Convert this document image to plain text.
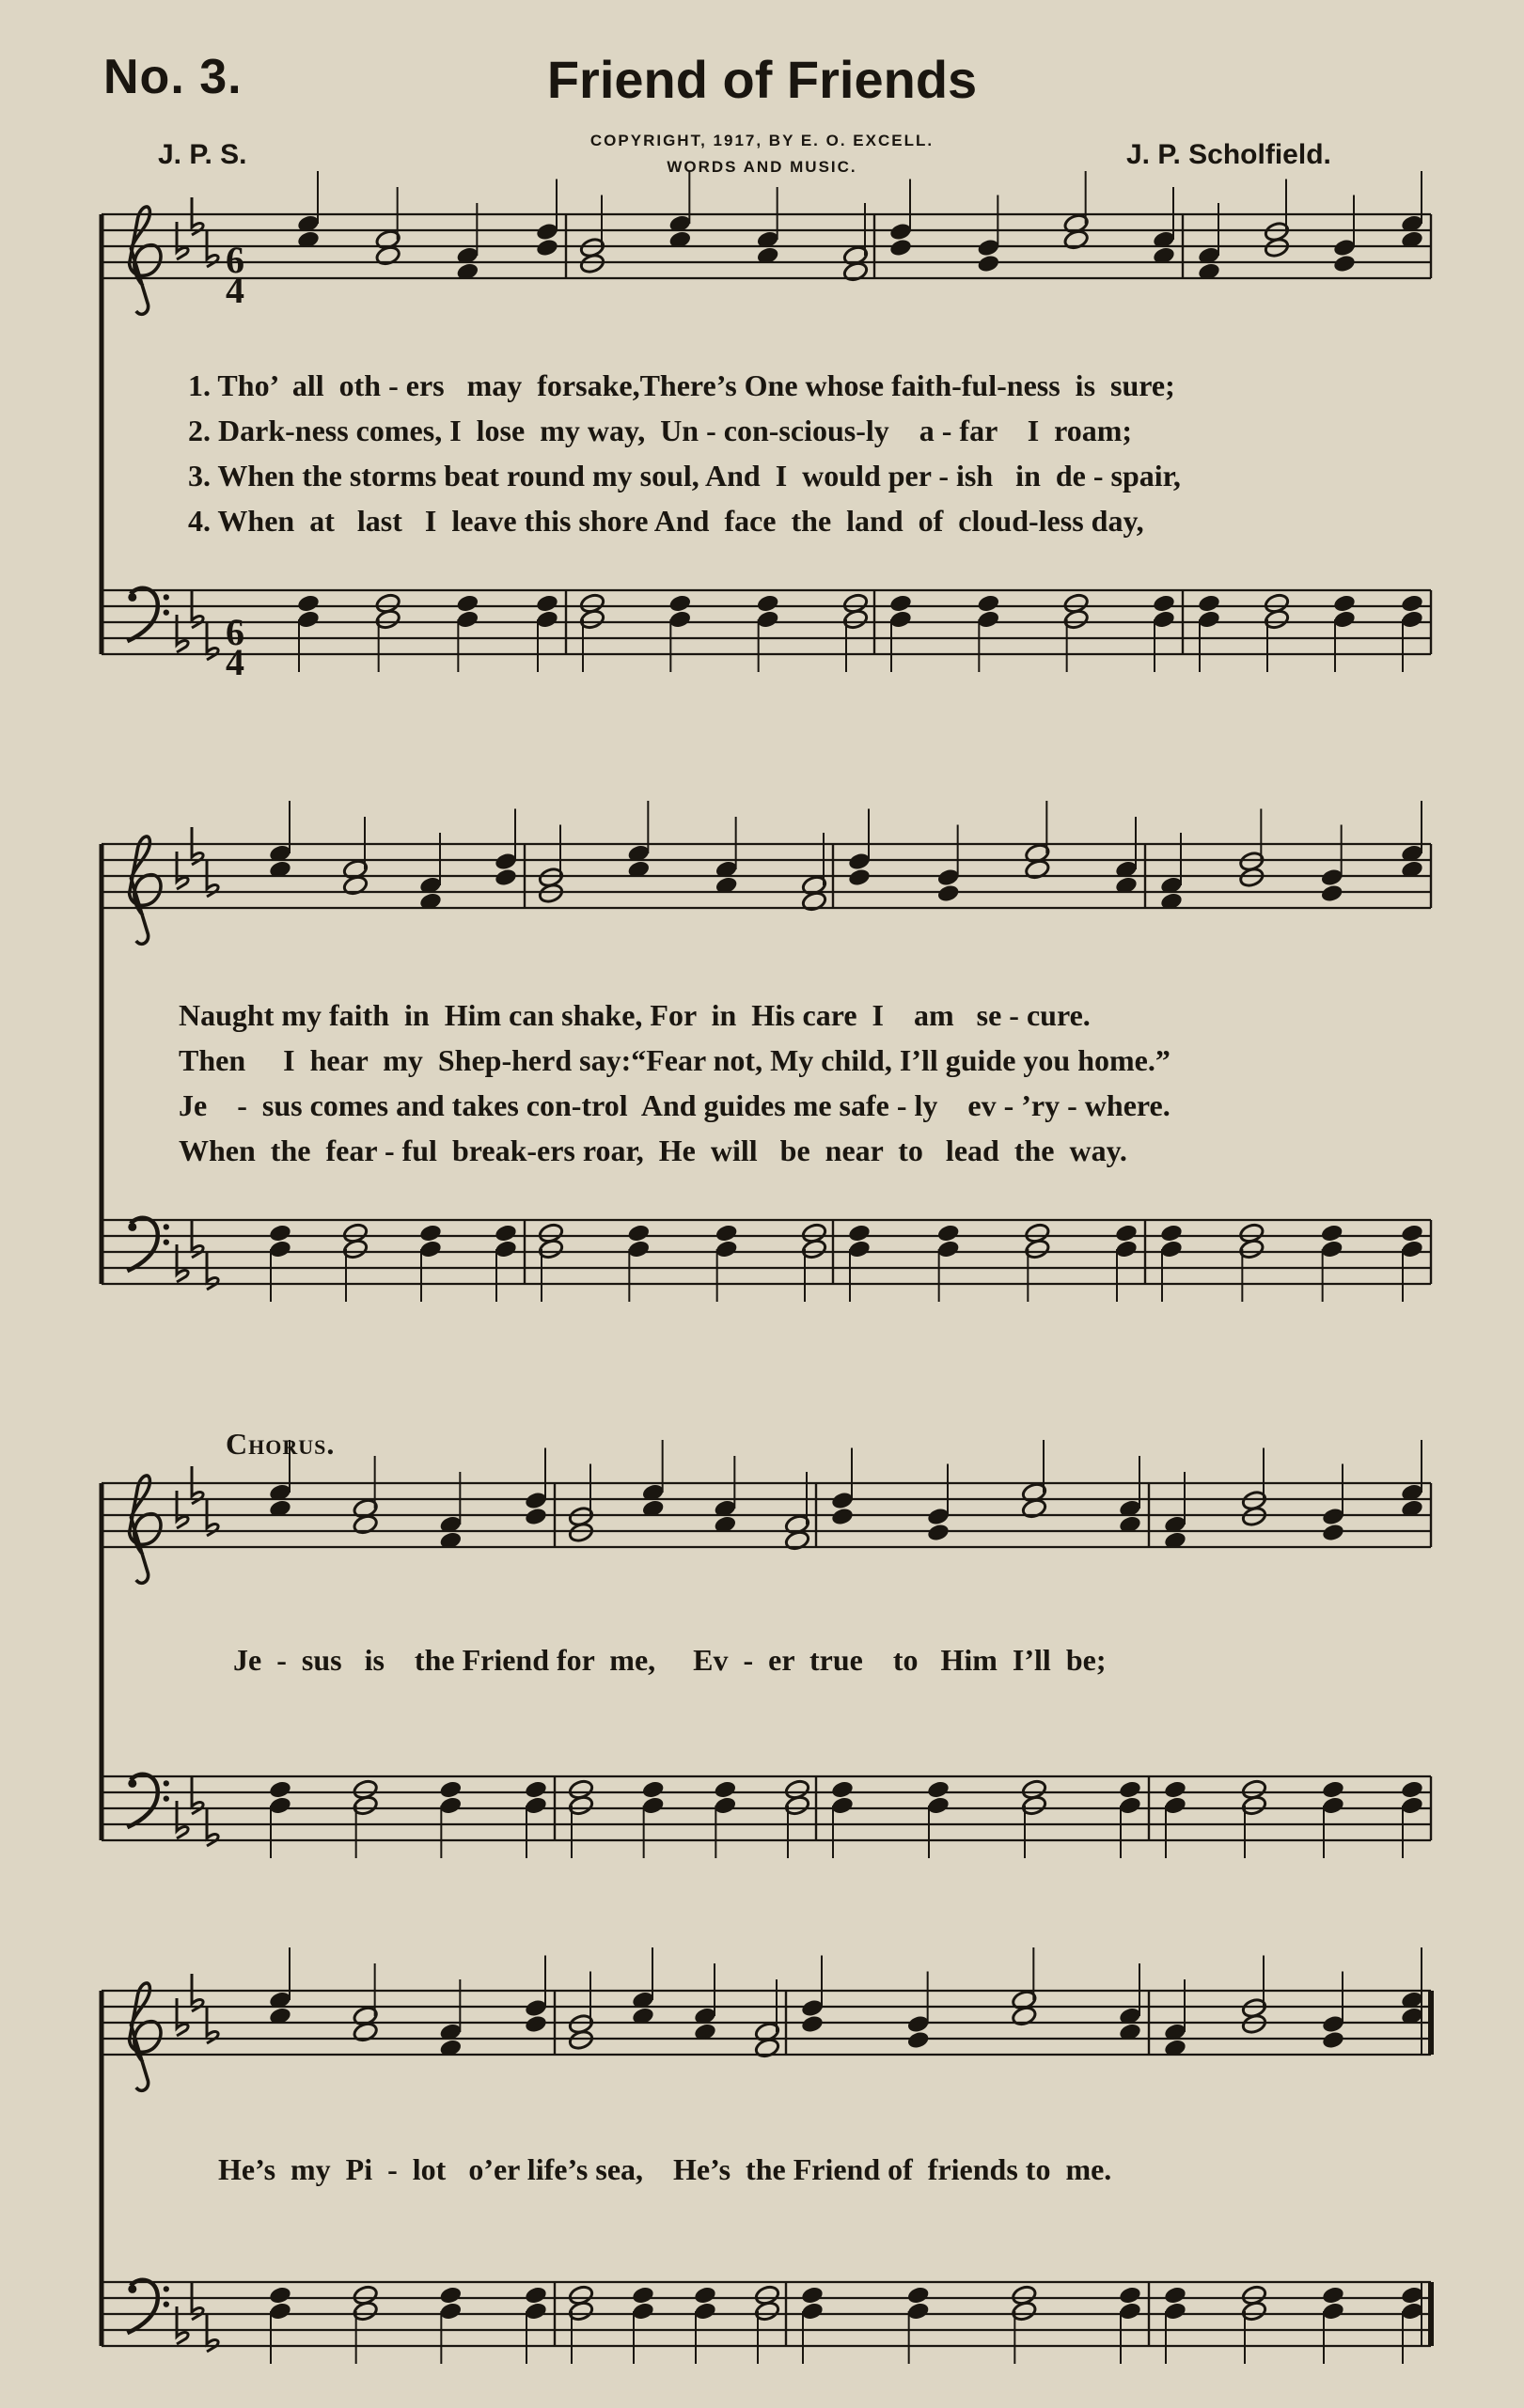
No. 3.	Friend of Friends
J. P. S.	COPYRIGHT, 1917, BY E. O. EXCELL.
WORDS AND MUSIC.	J. P. Scholfield.
6
4
6
4
1. Tho’  all  oth - ers   may  forsake,There’s One whose faith-ful-ness  is  sure;
2. Dark-ness comes, I  lose  my way,  Un - con-scious-ly    a - far    I  roam;
3. When the storms beat round my soul, And  I  would per - ish   in  de - spair,
4. When  at   last   I  leave this shore And  face  the  land  of  cloud-less day,
Naught my faith  in  Him can shake, For  in  His care  I    am   se - cure.
Then     I  hear  my  Shep-herd say:“Fear not, My child, I’ll guide you home.”
Je    -  sus comes and takes con-trol  And guides me safe - ly    ev - ’ry - where.
When  the  fear - ful  break-ers roar,  He  will   be  near  to   lead  the  way.
Chorus.
Je  -  sus   is    the Friend for  me,     Ev  -  er  true    to   Him  I’ll  be;
He’s  my  Pi  -  lot   o’er life’s sea,    He’s  the Friend of  friends to  me.
